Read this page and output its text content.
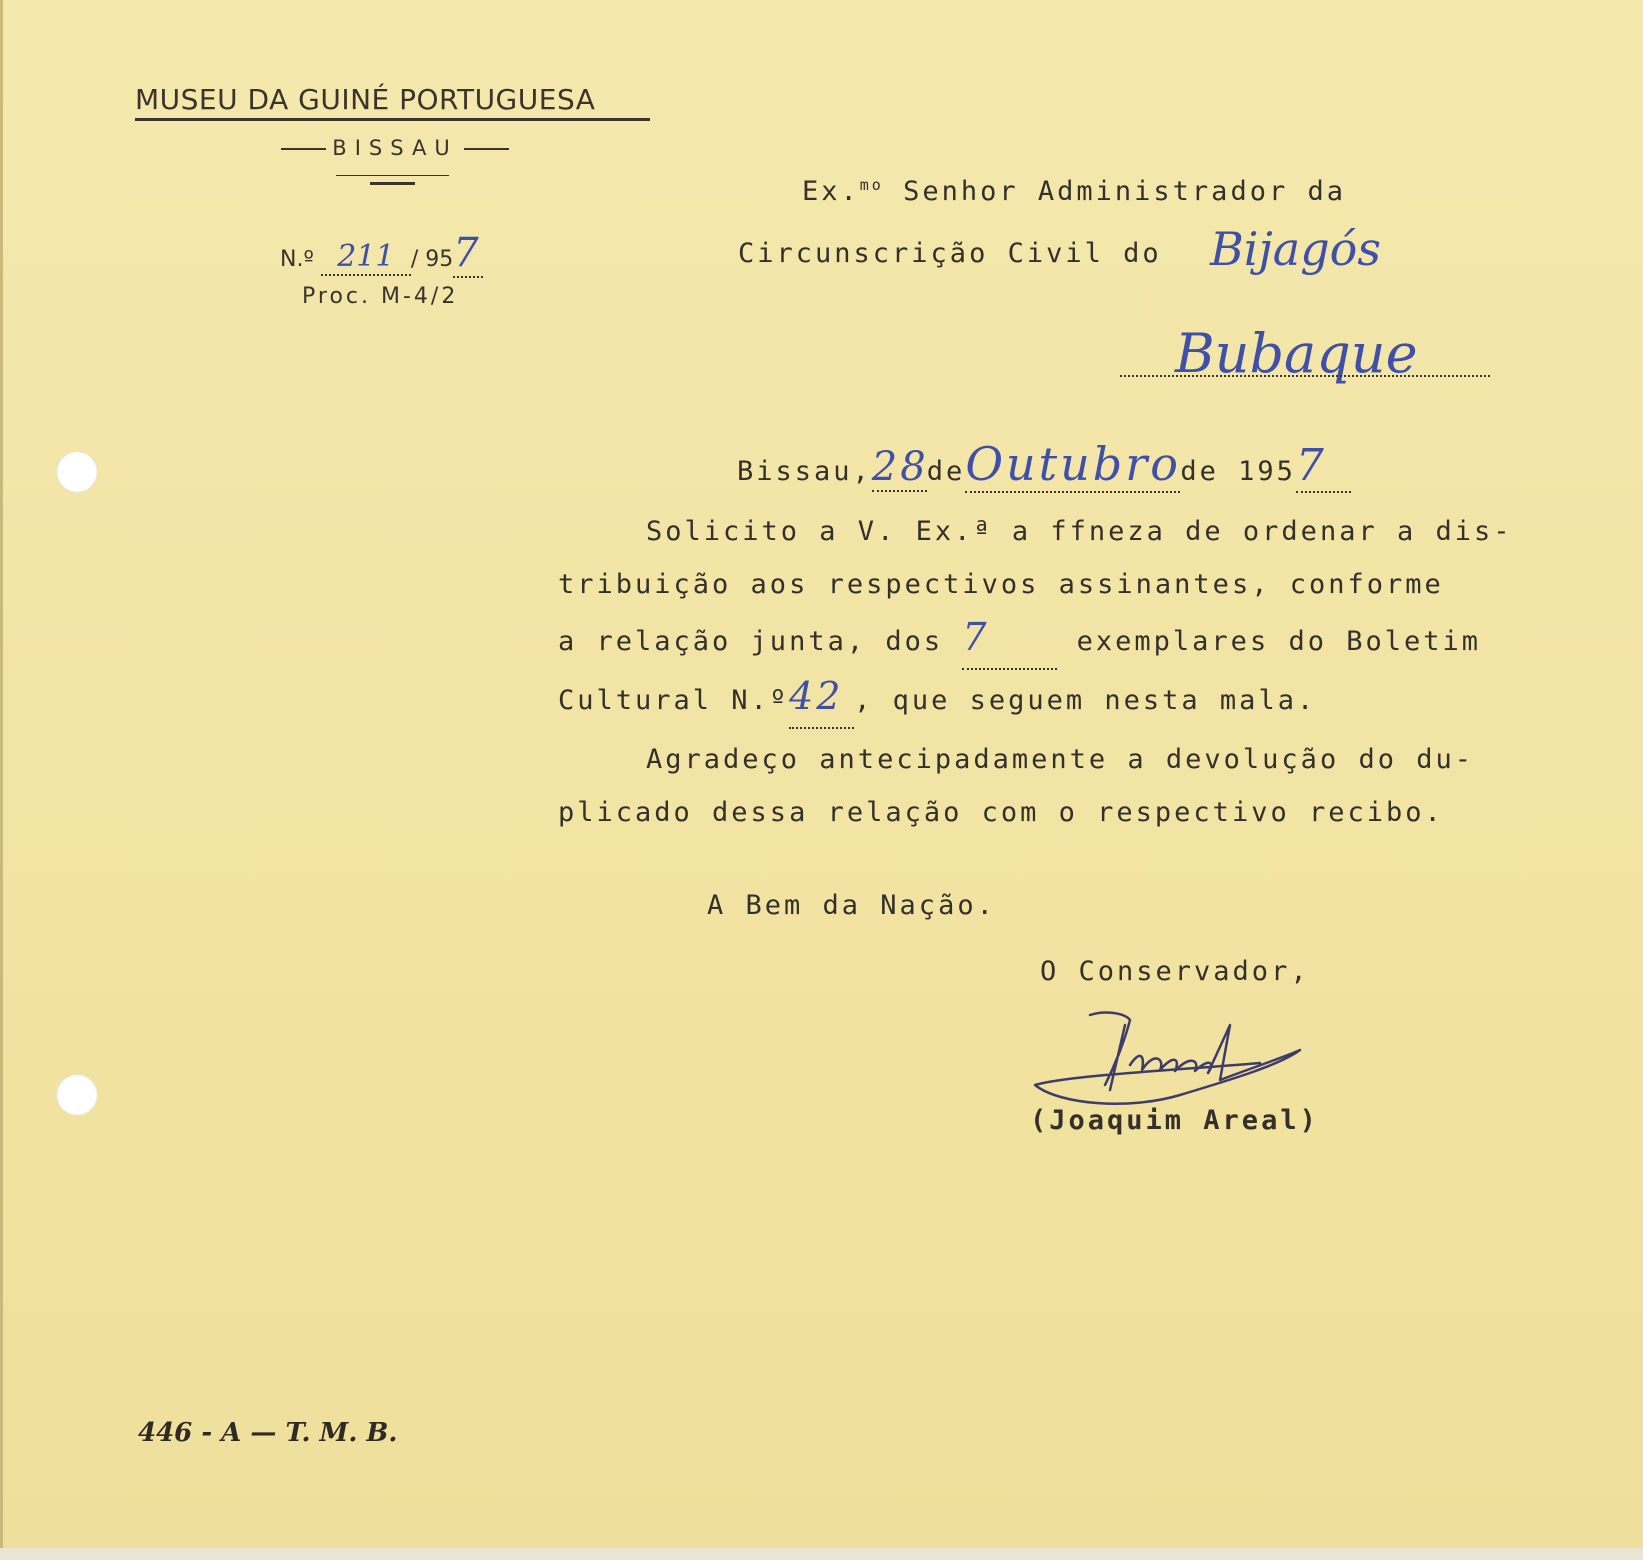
MUSEU DA GUINÉ PORTUGUESA
BISSAU
N.º 211 / 957
Proc. M-4/2
Ex.$^{mo}$ Senhor Administrador da
Circunscrição Civil do Bijagós
Bubaque
Bissau,28deOutubrode 1957
Solicito a V. Ex.ª a ffneza de ordenar a dis-
tribuição aos respectivos assinantes, conforme
a relação junta, dos 7	exemplares do Boletim
Cultural N.º42 , que seguem nesta mala.
Agradeço antecipadamente a devolução do du-
plicado dessa relação com o respectivo recibo.
A Bem da Nação.
O Conservador,
(Joaquim Areal)
446 - A — T. M. B.
